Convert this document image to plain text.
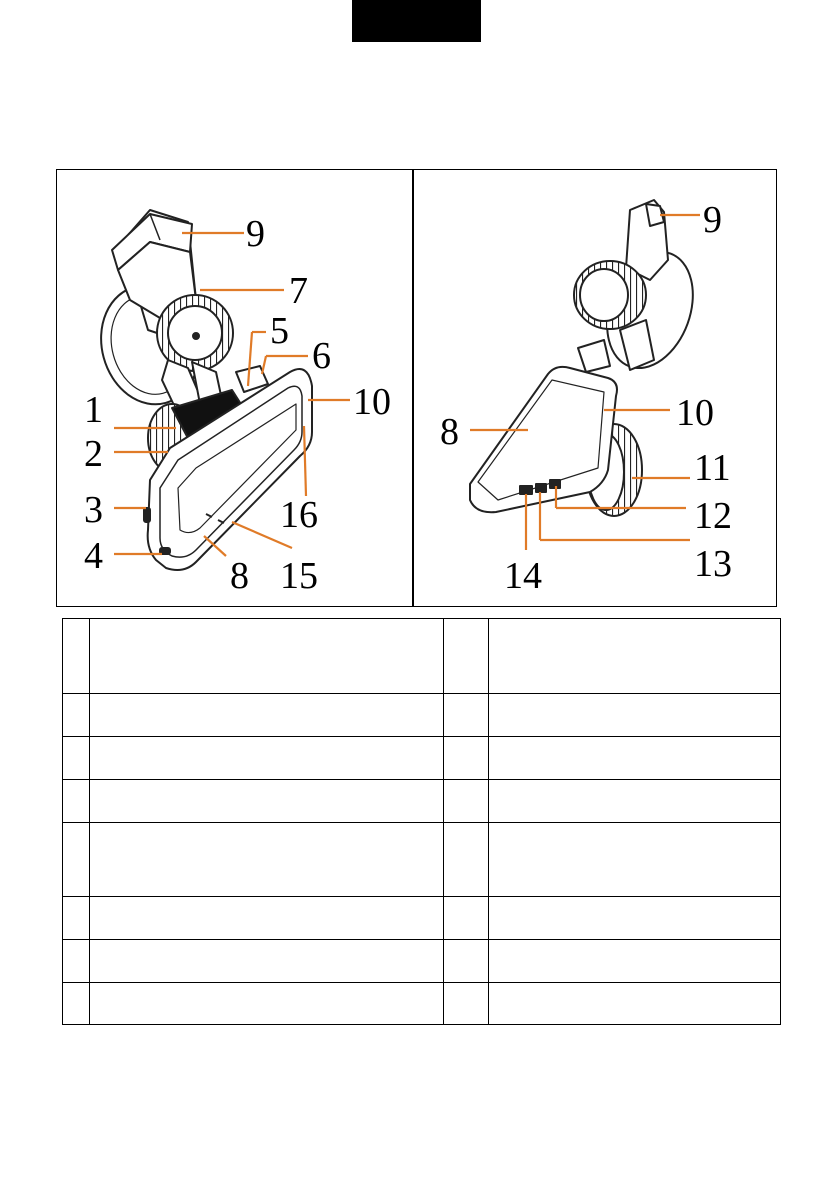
9
7
5
6
1	10
2
3	16
4	8 15
9
10
8
11
12
13
14
